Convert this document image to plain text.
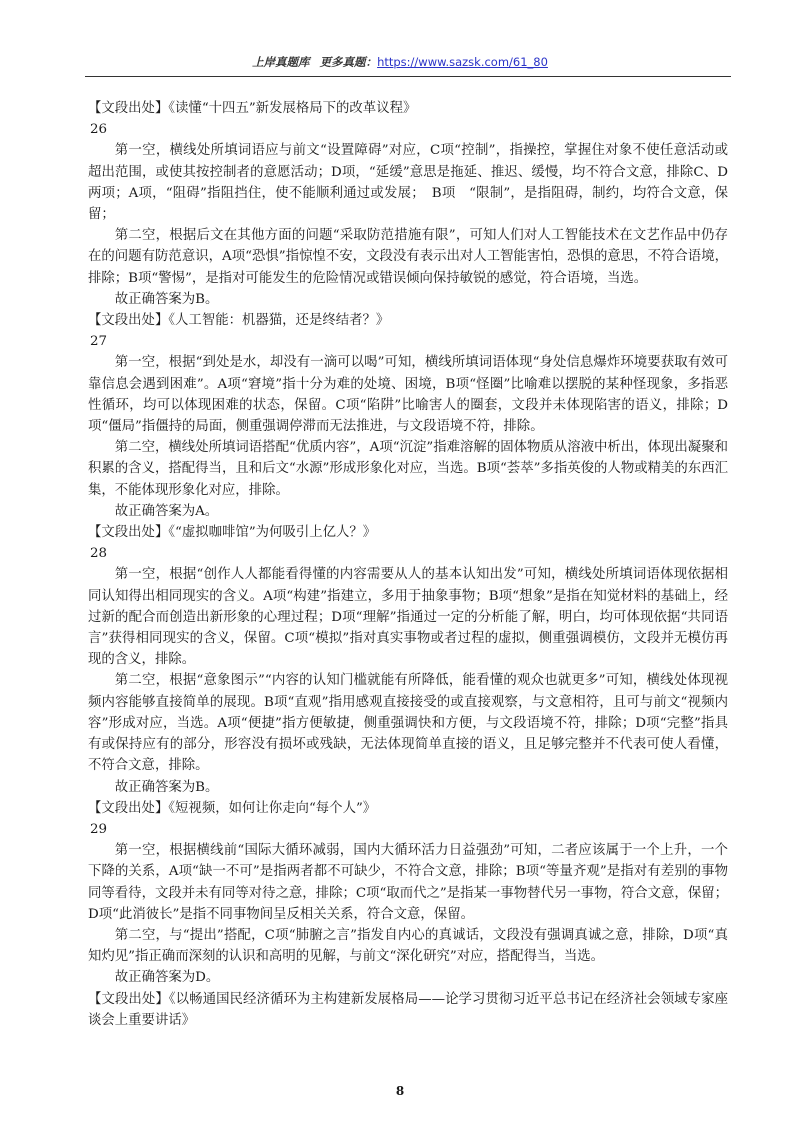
上岸真题库 更多真题：https://www.sazsk.com/61_80

【文段出处】《读懂“十四五”新发展格局下的改革议程》

26

第一空，横线处所填词语应与前文“设置障碍”对应，C项“控制”，指操控，掌握住对象不使任意活动或超出范围，或使其按控制者的意愿活动；D项，“延缓”意思是拖延、推迟、缓慢，均不符合文意，排除C、D两项；A项，“阻碍”指阻挡住，使不能顺利通过或发展；　B项　“限制”，是指阻碍，制约，均符合文意，保留；

第二空，根据后文在其他方面的问题“采取防范措施有限”，可知人们对人工智能技术在文艺作品中仍存在的问题有防范意识，A项“恐惧”指惊惶不安，文段没有表示出对人工智能害怕，恐惧的意思，不符合语境，排除；B项“警惕”，是指对可能发生的危险情况或错误倾向保持敏锐的感觉，符合语境，当选。

故正确答案为B。

【文段出处】《人工智能：机器猫，还是终结者？》

27

第一空，根据“到处是水，却没有一滴可以喝”可知，横线所填词语体现“身处信息爆炸环境要获取有效可靠信息会遇到困难”。A项“窘境”指十分为难的处境、困境，B项“怪圈”比喻难以摆脱的某种怪现象，多指恶性循环，均可以体现困难的状态，保留。C项“陷阱”比喻害人的圈套，文段并未体现陷害的语义，排除；D项“僵局”指僵持的局面，侧重强调停滞而无法推进，与文段语境不符，排除。

第二空，横线处所填词语搭配“优质内容”，A项“沉淀”指难溶解的固体物质从溶液中析出，体现出凝聚和积累的含义，搭配得当，且和后文“水源”形成形象化对应，当选。B项“荟萃”多指英俊的人物或精美的东西汇集，不能体现形象化对应，排除。

故正确答案为A。

【文段出处】《“虚拟咖啡馆”为何吸引上亿人？》

28

第一空，根据“创作人人都能看得懂的内容需要从人的基本认知出发”可知，横线处所填词语体现依据相同认知得出相同现实的含义。A项“构建”指建立，多用于抽象事物；B项“想象”是指在知觉材料的基础上，经过新的配合而创造出新形象的心理过程；D项“理解”指通过一定的分析能了解，明白，均可体现依据“共同语言”获得相同现实的含义，保留。C项“模拟”指对真实事物或者过程的虚拟，侧重强调模仿，文段并无模仿再现的含义，排除。

第二空，根据“意象图示”“内容的认知门槛就能有所降低，能看懂的观众也就更多”可知，横线处体现视频内容能够直接简单的展现。B项“直观”指用感观直接接受的或直接观察，与文意相符，且可与前文“视频内容”形成对应，当选。A项“便捷”指方便敏捷，侧重强调快和方便，与文段语境不符，排除；D项“完整”指具有或保持应有的部分，形容没有损坏或残缺，无法体现简单直接的语义，且足够完整并不代表可使人看懂，不符合文意，排除。

故正确答案为B。

【文段出处】《短视频，如何让你走向“每个人”》

29

第一空，根据横线前“国际大循环减弱，国内大循环活力日益强劲”可知，二者应该属于一个上升，一个下降的关系，A项“缺一不可”是指两者都不可缺少，不符合文意，排除；B项“等量齐观”是指对有差别的事物同等看待，文段并未有同等对待之意，排除；C项“取而代之”是指某一事物替代另一事物，符合文意，保留；D项“此消彼长”是指不同事物间呈反相关关系，符合文意，保留。

第二空，与“提出”搭配，C项“肺腑之言”指发自内心的真诚话，文段没有强调真诚之意，排除，D项“真知灼见”指正确而深刻的认识和高明的见解，与前文“深化研究”对应，搭配得当，当选。

故正确答案为D。

【文段出处】《以畅通国民经济循环为主构建新发展格局——论学习贯彻习近平总书记在经济社会领域专家座谈会上重要讲话》

8
